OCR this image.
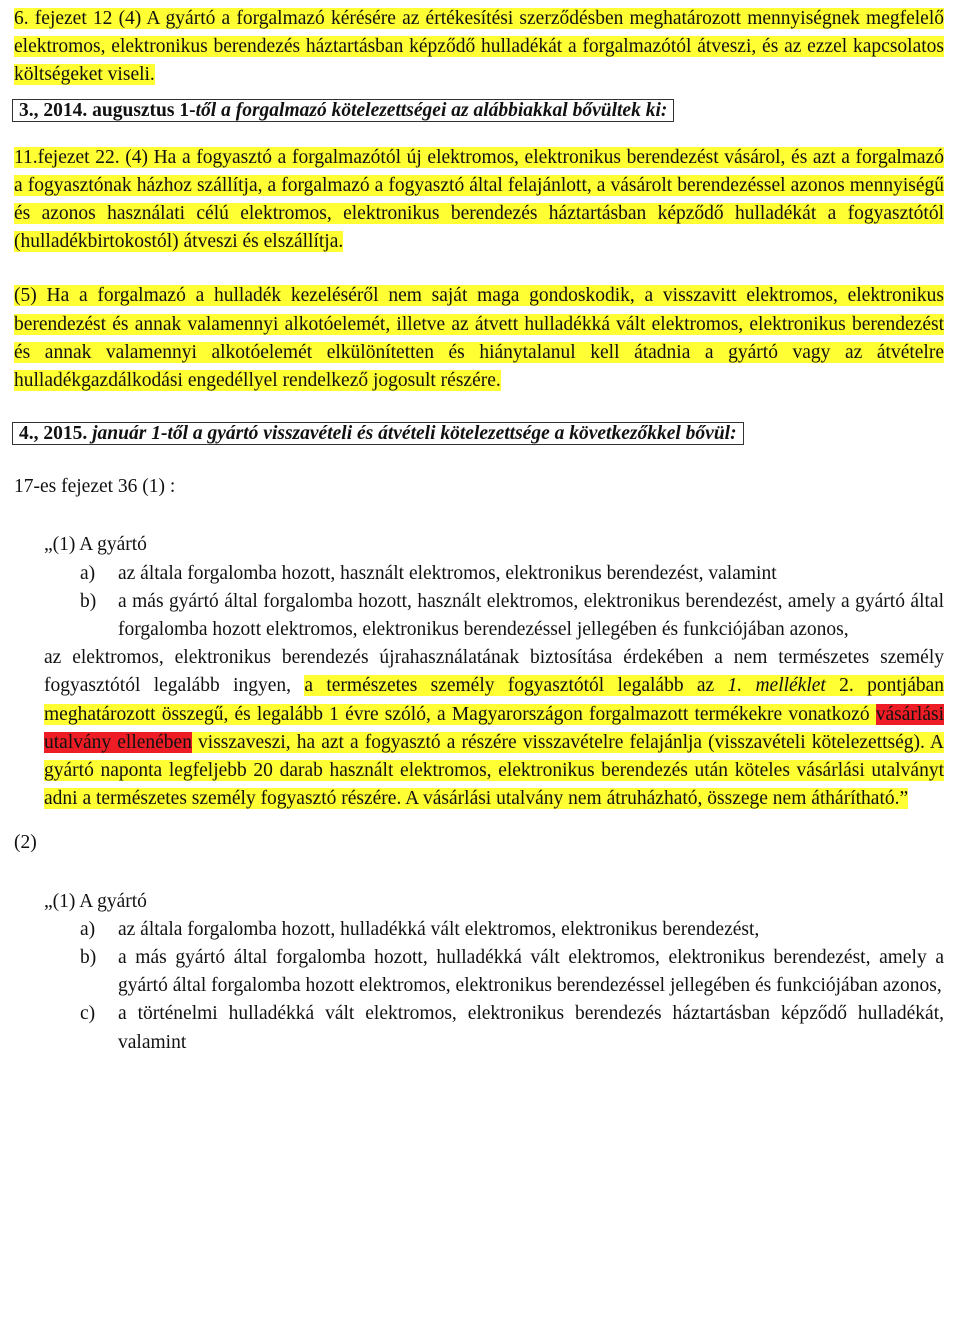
6. fejezet 12 (4) A gyártó a forgalmazó kérésére az értékesítési szerződésben meghatározott mennyiségnek megfelelő elektromos, elektronikus berendezés háztartásban képződő hulladékát a forgalmazótól átveszi, és az ezzel kapcsolatos költségeket viseli.

3., 2014. augusztus 1-től a forgalmazó kötelezettségei az alábbiakkal bővültek ki:

11.fejezet 22. (4) Ha a fogyasztó a forgalmazótól új elektromos, elektronikus berendezést vásárol, és azt a forgalmazó a fogyasztónak házhoz szállítja, a forgalmazó a fogyasztó által felajánlott, a vásárolt berendezéssel azonos mennyiségű és azonos használati célú elektromos, elektronikus berendezés háztartásban képződő hulladékát a fogyasztótól (hulladékbirtokostól) átveszi és elszállítja.

(5) Ha a forgalmazó a hulladék kezeléséről nem saját maga gondoskodik, a visszavitt elektromos, elektronikus berendezést és annak valamennyi alkotóelemét, illetve az átvett hulladékká vált elektromos, elektronikus berendezést és annak valamennyi alkotóelemét elkülönítetten és hiánytalanul kell átadnia a gyártó vagy az átvételre hulladékgazdálkodási engedéllyel rendelkező jogosult részére.

4., 2015. január 1-től a gyártó visszavételi és átvételi kötelezettsége a következőkkel bővül:

17-es fejezet 36 (1) :

„(1) A gyártó

a)	az általa forgalomba hozott, használt elektromos, elektronikus berendezést, valamint
b)	a más gyártó által forgalomba hozott, használt elektromos, elektronikus berendezést, amely a gyártó által forgalomba hozott elektromos, elektronikus berendezéssel jellegében és funkciójában azonos,

az elektromos, elektronikus berendezés újrahasználatának biztosítása érdekében a nem természetes személy fogyasztótól legalább ingyen, a természetes személy fogyasztótól legalább az 1. melléklet 2. pontjában meghatározott összegű, és legalább 1 évre szóló, a Magyarországon forgalmazott termékekre vonatkozó vásárlási utalvány ellenében visszaveszi, ha azt a fogyasztó a részére visszavételre felajánlja (visszavételi kötelezettség). A gyártó naponta legfeljebb 20 darab használt elektromos, elektronikus berendezés után köteles vásárlási utalványt adni a természetes személy fogyasztó részére. A vásárlási utalvány nem átruházható, összege nem áthárítható.”

(2)

„(1) A gyártó

a)	az általa forgalomba hozott, hulladékká vált elektromos, elektronikus berendezést,
b)	a más gyártó által forgalomba hozott, hulladékká vált elektromos, elektronikus berendezést, amely a gyártó által forgalomba hozott elektromos, elektronikus berendezéssel jellegében és funkciójában azonos,
c)	a történelmi hulladékká vált elektromos, elektronikus berendezés háztartásban képződő hulladékát, valamint
